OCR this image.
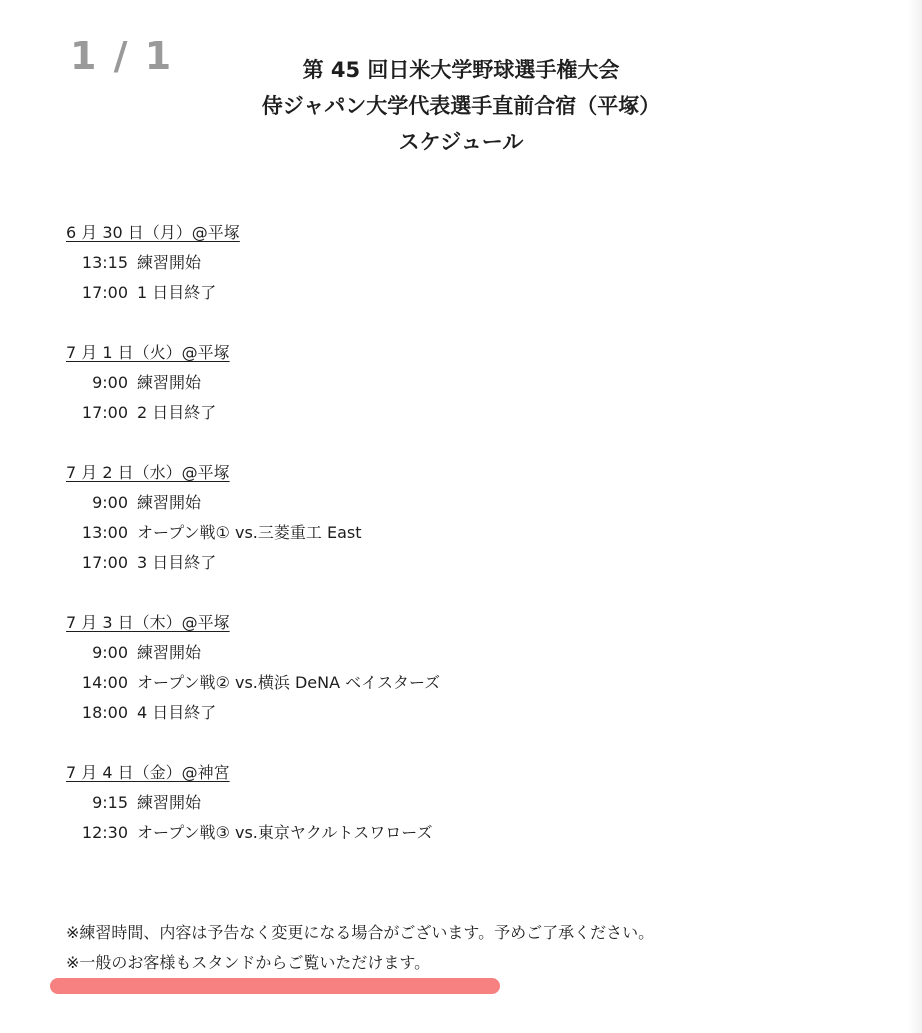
1 / 1	第 45 回日米大学野球選手権大会
侍ジャパン大学代表選手直前合宿（平塚）
スケジュール
6 月 30 日（月）@平塚
13:15 練習開始
17:00 1 日目終了
7 月 1 日（火）@平塚
9:00 練習開始
17:00 2 日目終了
7 月 2 日（水）@平塚
9:00 練習開始
13:00 オープン戦① vs.三菱重工 East
17:00 3 日目終了
7 月 3 日（木）@平塚
9:00 練習開始
14:00 オープン戦② vs.横浜 DeNA ベイスターズ
18:00 4 日目終了
7 月 4 日（金）@神宮
9:15 練習開始
12:30 オープン戦③ vs.東京ヤクルトスワローズ
※練習時間、内容は予告なく変更になる場合がございます。予めご了承ください。
※一般のお客様もスタンドからご覧いただけます。
